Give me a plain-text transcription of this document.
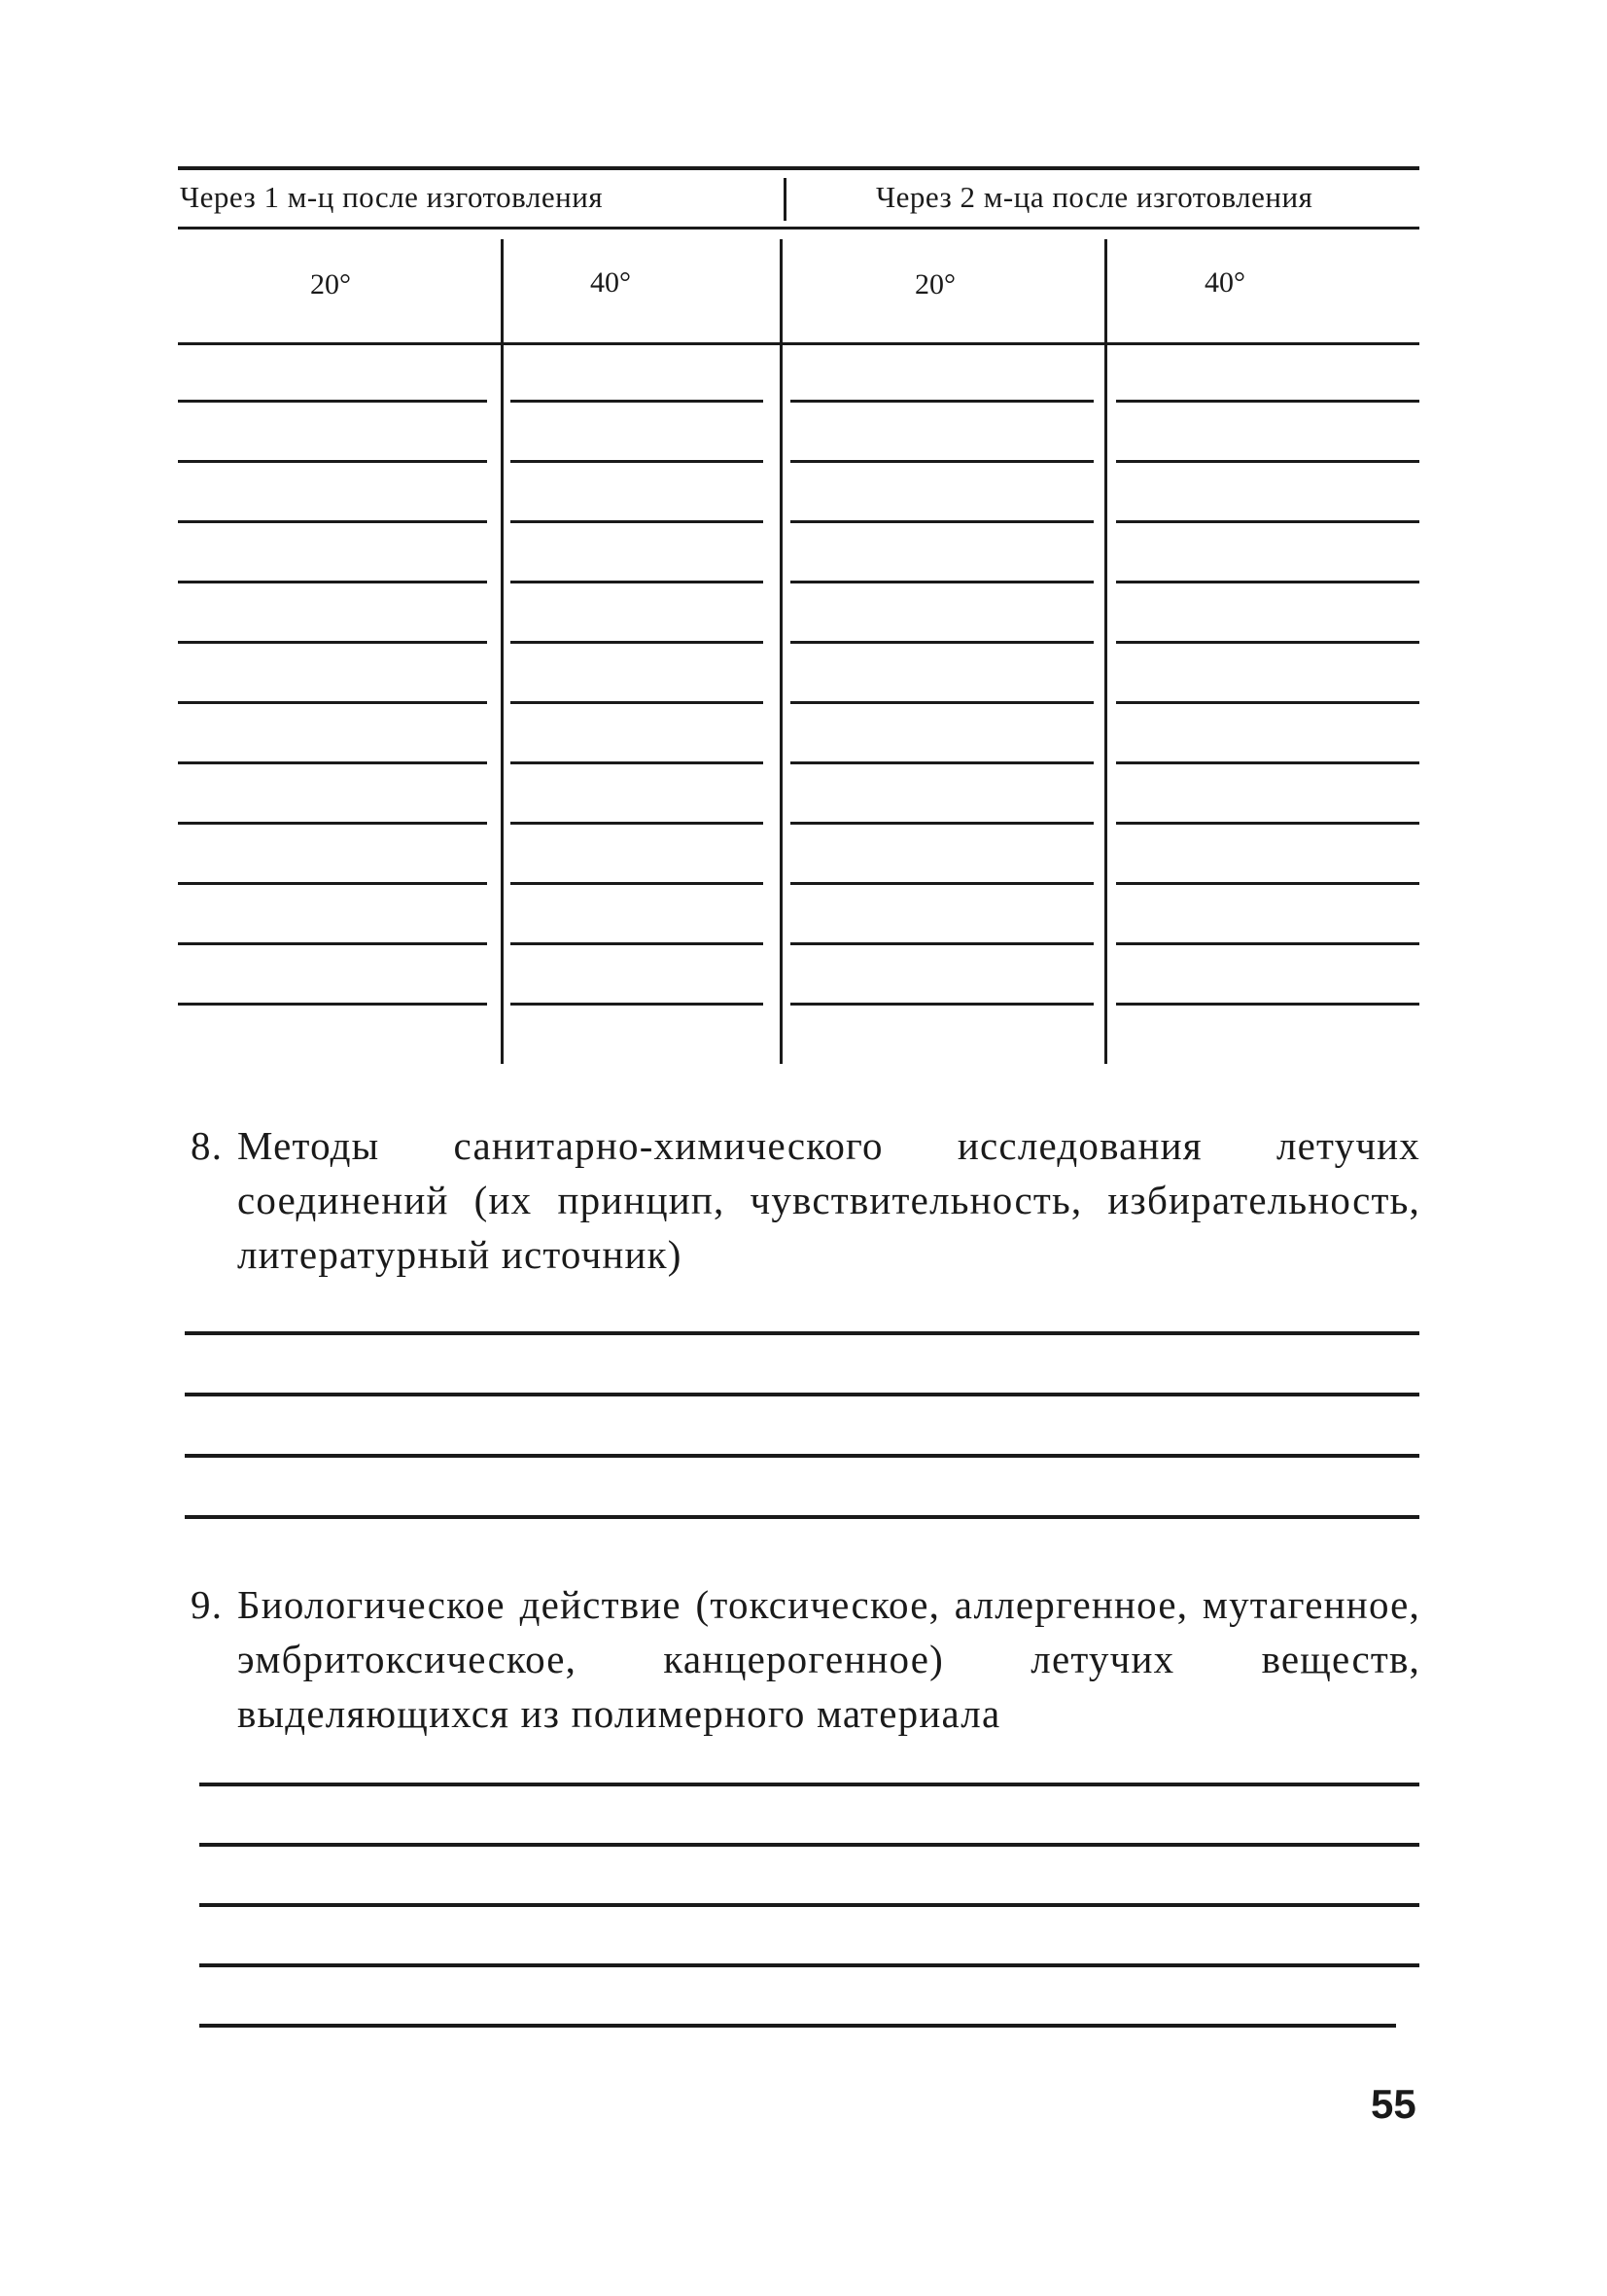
Через 1 м-ц после изготовления	Через 2 м-ца после изготовления
20°	40°	20°	40°
8. Методы санитарно-химического исследования летучих соединений (их принцип, чувствительность, избирательность, литературный источник)
9. Биологическое действие (токсическое, аллергенное, мутагенное, эмбритоксическое, канцерогенное) летучих веществ, выделяющихся из полимерного материала
55
